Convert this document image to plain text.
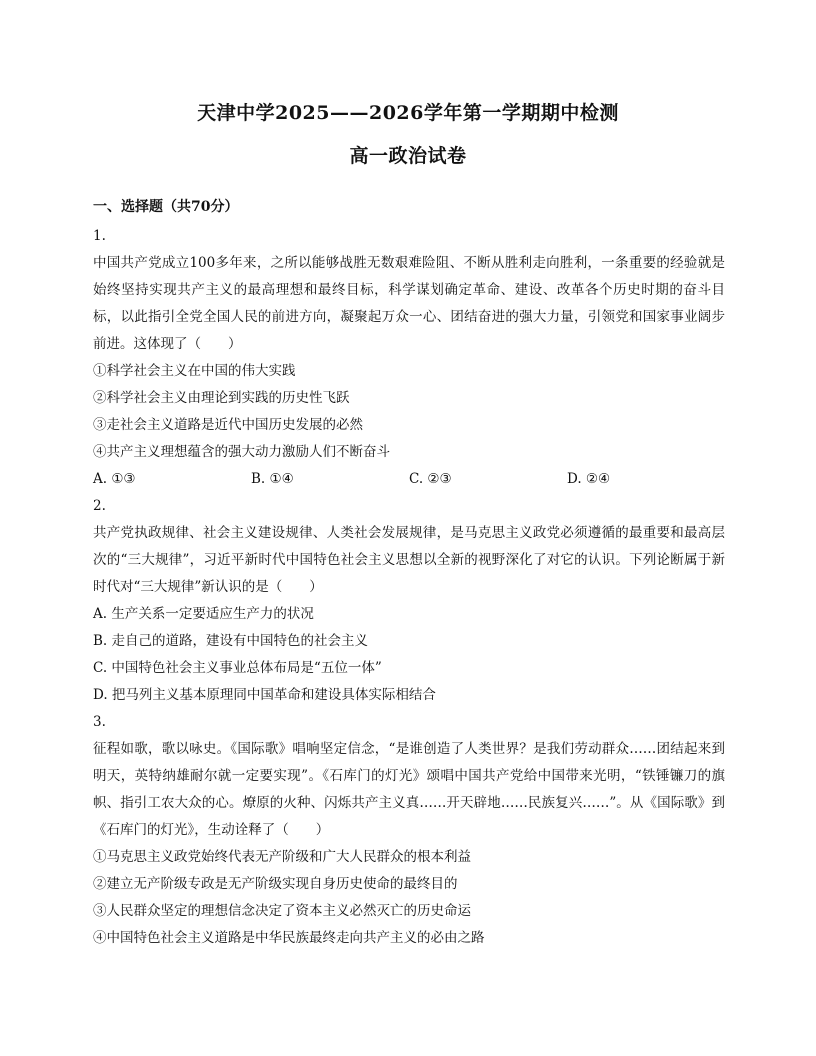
天津中学2025——2026学年第一学期期中检测
高一政治试卷
一、选择题（共70分）
1.
中国共产党成立100多年来，之所以能够战胜无数艰难险阻、不断从胜利走向胜利，一条重要的经验就是始终坚持实现共产主义的最高理想和最终目标，科学谋划确定革命、建设、改革各个历史时期的奋斗目标，以此指引全党全国人民的前进方向，凝聚起万众一心、团结奋进的强大力量，引领党和国家事业阔步前进。这体现了（　　）
①科学社会主义在中国的伟大实践
②科学社会主义由理论到实践的历史性飞跃
③走社会主义道路是近代中国历史发展的必然
④共产主义理想蕴含的强大动力激励人们不断奋斗
A. ①③	B. ①④	C. ②③	D. ②④
2.
共产党执政规律、社会主义建设规律、人类社会发展规律，是马克思主义政党必须遵循的最重要和最高层次的“三大规律”，习近平新时代中国特色社会主义思想以全新的视野深化了对它的认识。下列论断属于新时代对“三大规律”新认识的是（　　）
A. 生产关系一定要适应生产力的状况
B. 走自己的道路，建设有中国特色的社会主义
C. 中国特色社会主义事业总体布局是“五位一体”
D. 把马列主义基本原理同中国革命和建设具体实际相结合
3.
征程如歌，歌以咏史。《国际歌》唱响坚定信念，“是谁创造了人类世界？是我们劳动群众……团结起来到明天，英特纳雄耐尔就一定要实现”。《石库门的灯光》颂唱中国共产党给中国带来光明，“铁锤镰刀的旗帜、指引工农大众的心。燎原的火种、闪烁共产主义真……开天辟地……民族复兴……”。从《国际歌》到《石库门的灯光》，生动诠释了（　　）
①马克思主义政党始终代表无产阶级和广大人民群众的根本利益
②建立无产阶级专政是无产阶级实现自身历史使命的最终目的
③人民群众坚定的理想信念决定了资本主义必然灭亡的历史命运
④中国特色社会主义道路是中华民族最终走向共产主义的必由之路
